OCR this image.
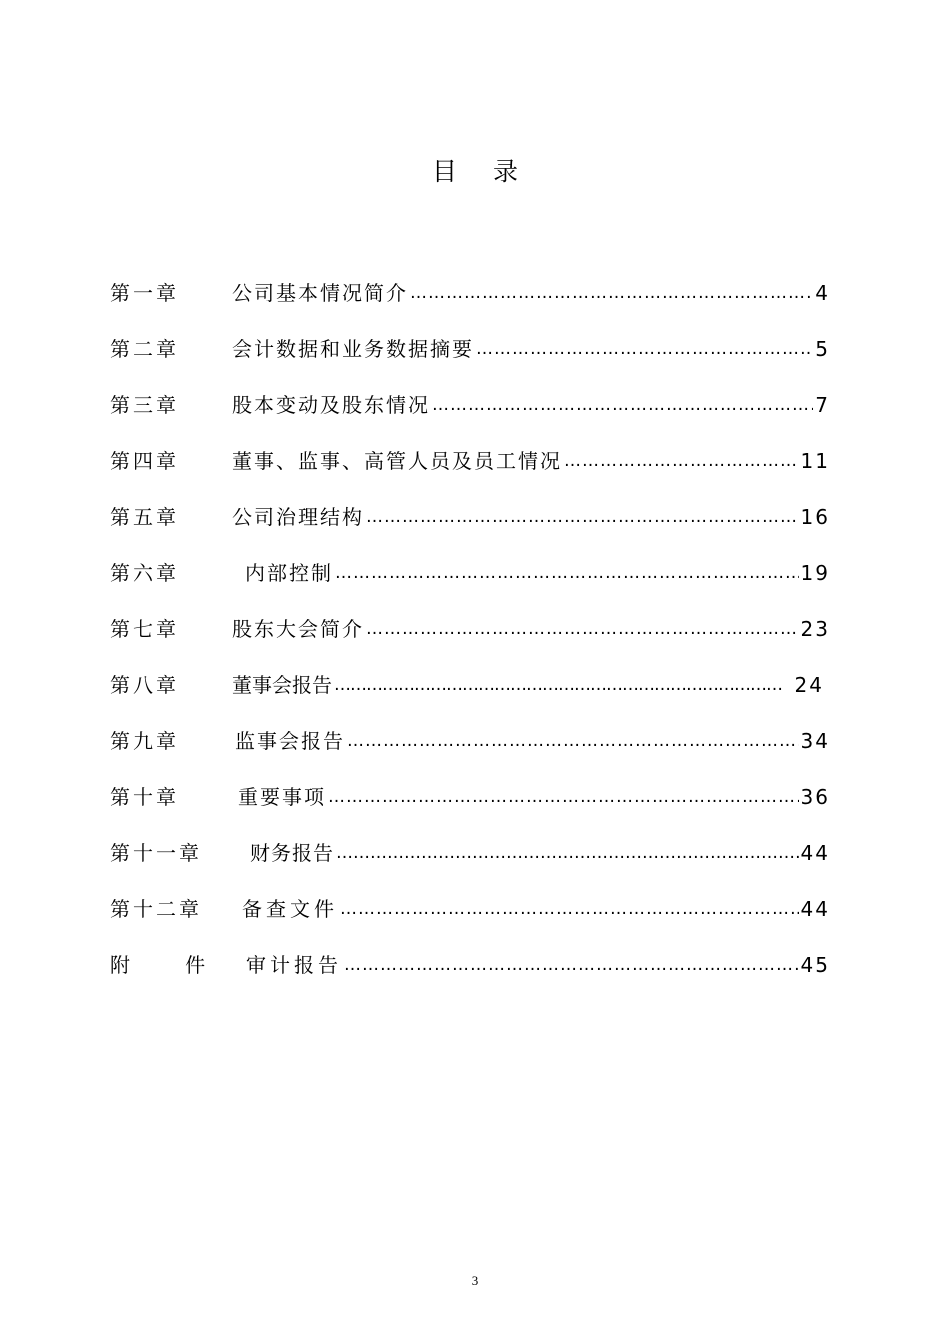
目录
第一章	公司基本情况简介 ……………………………………………………………………………………………………………………	4
第二章	会计数据和业务数据摘要 ……………………………………………………………………………………………………………………	5
第三章	股本变动及股东情况 ……………………………………………………………………………………………………………………	7
第四章	董事、监事、高管人员及员工情况 ……………………………………………………………………………………………………………………	11
第五章	公司治理结构 ……………………………………………………………………………………………………………………	16
第六章	内部控制 ……………………………………………………………………………………………………………………	19
第七章	股东大会简介 ……………………………………………………………………………………………………………………	23
第八章	董事会报告 ……………………………………………………………………………………………………………………	24
第九章	监事会报告 ……………………………………………………………………………………………………………………	34
第十章	重要事项 ……………………………………………………………………………………………………………………	36
第十一章	财务报告 ……………………………………………………………………………………………………………………	44
第十二章	备查文件 ……………………………………………………………………………………………………………………	44
附   件	审计报告 ……………………………………………………………………………………………………………………	45
3
